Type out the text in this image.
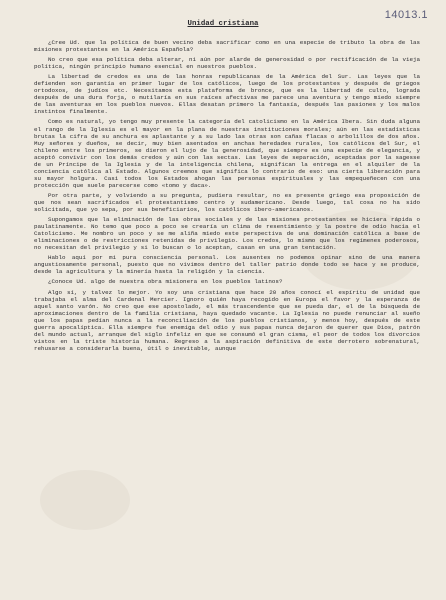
14013.1
Unidad cristiana

¿Cree Ud. que la política de buen vecino deba sacrificar como en una especie de tributo la obra de las misiones protestantes en la América Española?

No creo que esa política deba alterar, ni aún por alarde de generosidad o por rectificación de la vieja política, ningún principio humano esencial en nuestros pueblos.

La libertad de credos es una de las honras republicanas de la América del Sur. Las leyes que la defienden son garantía en primer lugar de los católicos, luego de los protestantes y después de griegos ortodoxos, de judíos etc. Necesitamos esta plataforma de bronce, que es la libertad de culto, lograda después de una dura forja, o mutilaría en sus raíces afectivas me parece una aventura y tengo miedo siempre de las aventuras en los pueblos nuevos. Ellas desatan primero la fantasía, después las pasiones y los malos instintos finalmente.

Como es natural, yo tengo muy presente la categoría del catolicismo en la América Ibera. Sin duda alguna el rango de la Iglesia es el mayor en la plana de nuestras instituciones morales; aún en las estadísticas brutas la cifra de su anchura es aplastante y a su lado las otras son cañas flacas o arbolillos de dos años. Muy señores y dueños, se decir, muy bien asentados en anchas heredades rurales, los católicos del Sur, el chileno entre los primeros, se dieron el lujo de la generosidad, que siempre es una especie de elegancia, y aceptó convivir con los demás credos y aún con las sectas. Las leyes de separación, aceptadas por la sagesse de un Príncipe de la Iglesia y de la inteligencia chilena, significan la entrega en el alquiler de la conciencia católica al Estado. Algunos creemos que significa lo contrario de eso: una cierta liberación para su mayor holgura. Casi todos los Estados ahogan las personas espirituales y las empequeñecen con una protección que suele parecerse como «tomo y daca».

Por otra parte, y volviendo a su pregunta, pudiera resultar, no es presente griego esa proposición de que nos sean sacrificados el protestantismo centro y sudamericano. Desde luego, tal cosa no ha sido solicitada, que yo sepa, por sus beneficiarios, los católicos ibero-americanos.

Supongamos que la eliminación de las obras sociales y de las misiones protestantes se hiciera rápida o paulatinamente. No temo que poco a poco se crearía un clima de resentimiento y la postre de odio hacia el Catolicismo. Me nombro un poco y se me aliña miedo este perspectiva de una dominación católica a base de eliminaciones o de restricciones retenidas de privilegio. Los credos, lo mismo que los regímenes poderosos, no necesitan del privilegio y si lo buscan o lo aceptan, casan en una gran tentación.

Hablo aquí por mi pura consciencia personal. Los ausentes no podemos opinar sino de una manera angustiosamente personal, puesto que no vivimos dentro del taller patrio donde todo se hace y se produce, desde la agricultura y la minería hasta la religión y la ciencia.

¿Conoce Ud. algo de nuestra obra misionera en los pueblos latinos?

Algo sí, y talvez lo mejor. Yo soy una cristiana que hace 20 años conocí el espíritu de unidad que trabajaba el alma del Cardenal Mercier. Ignoro quién haya recogido en Europa el favor y la esperanza de aquel santo varón. No creo que ese apostolado, el más trascendente que se pueda dar, el de la búsqueda de aproximaciones dentro de la familia cristiana, haya quedado vacante. La Iglesia no puede renunciar al sueño que los papas pedían nunca a la reconciliación de los pueblos cristianos, y menos hoy, después de este guerra apocalíptica. Ella siempre fue enemiga del odio y sus papas nunca dejaron de querer que Dios, patrón del mundo actual, arranque del siglo infeliz en que se consumó el gran cisma, el peor de todos los divorcios vistos en la triste historia humana. Regreso a la aspiración definitiva de este derrotero sobrenatural, rehusarse a considerarla buena, útil o inevitable, aunque
